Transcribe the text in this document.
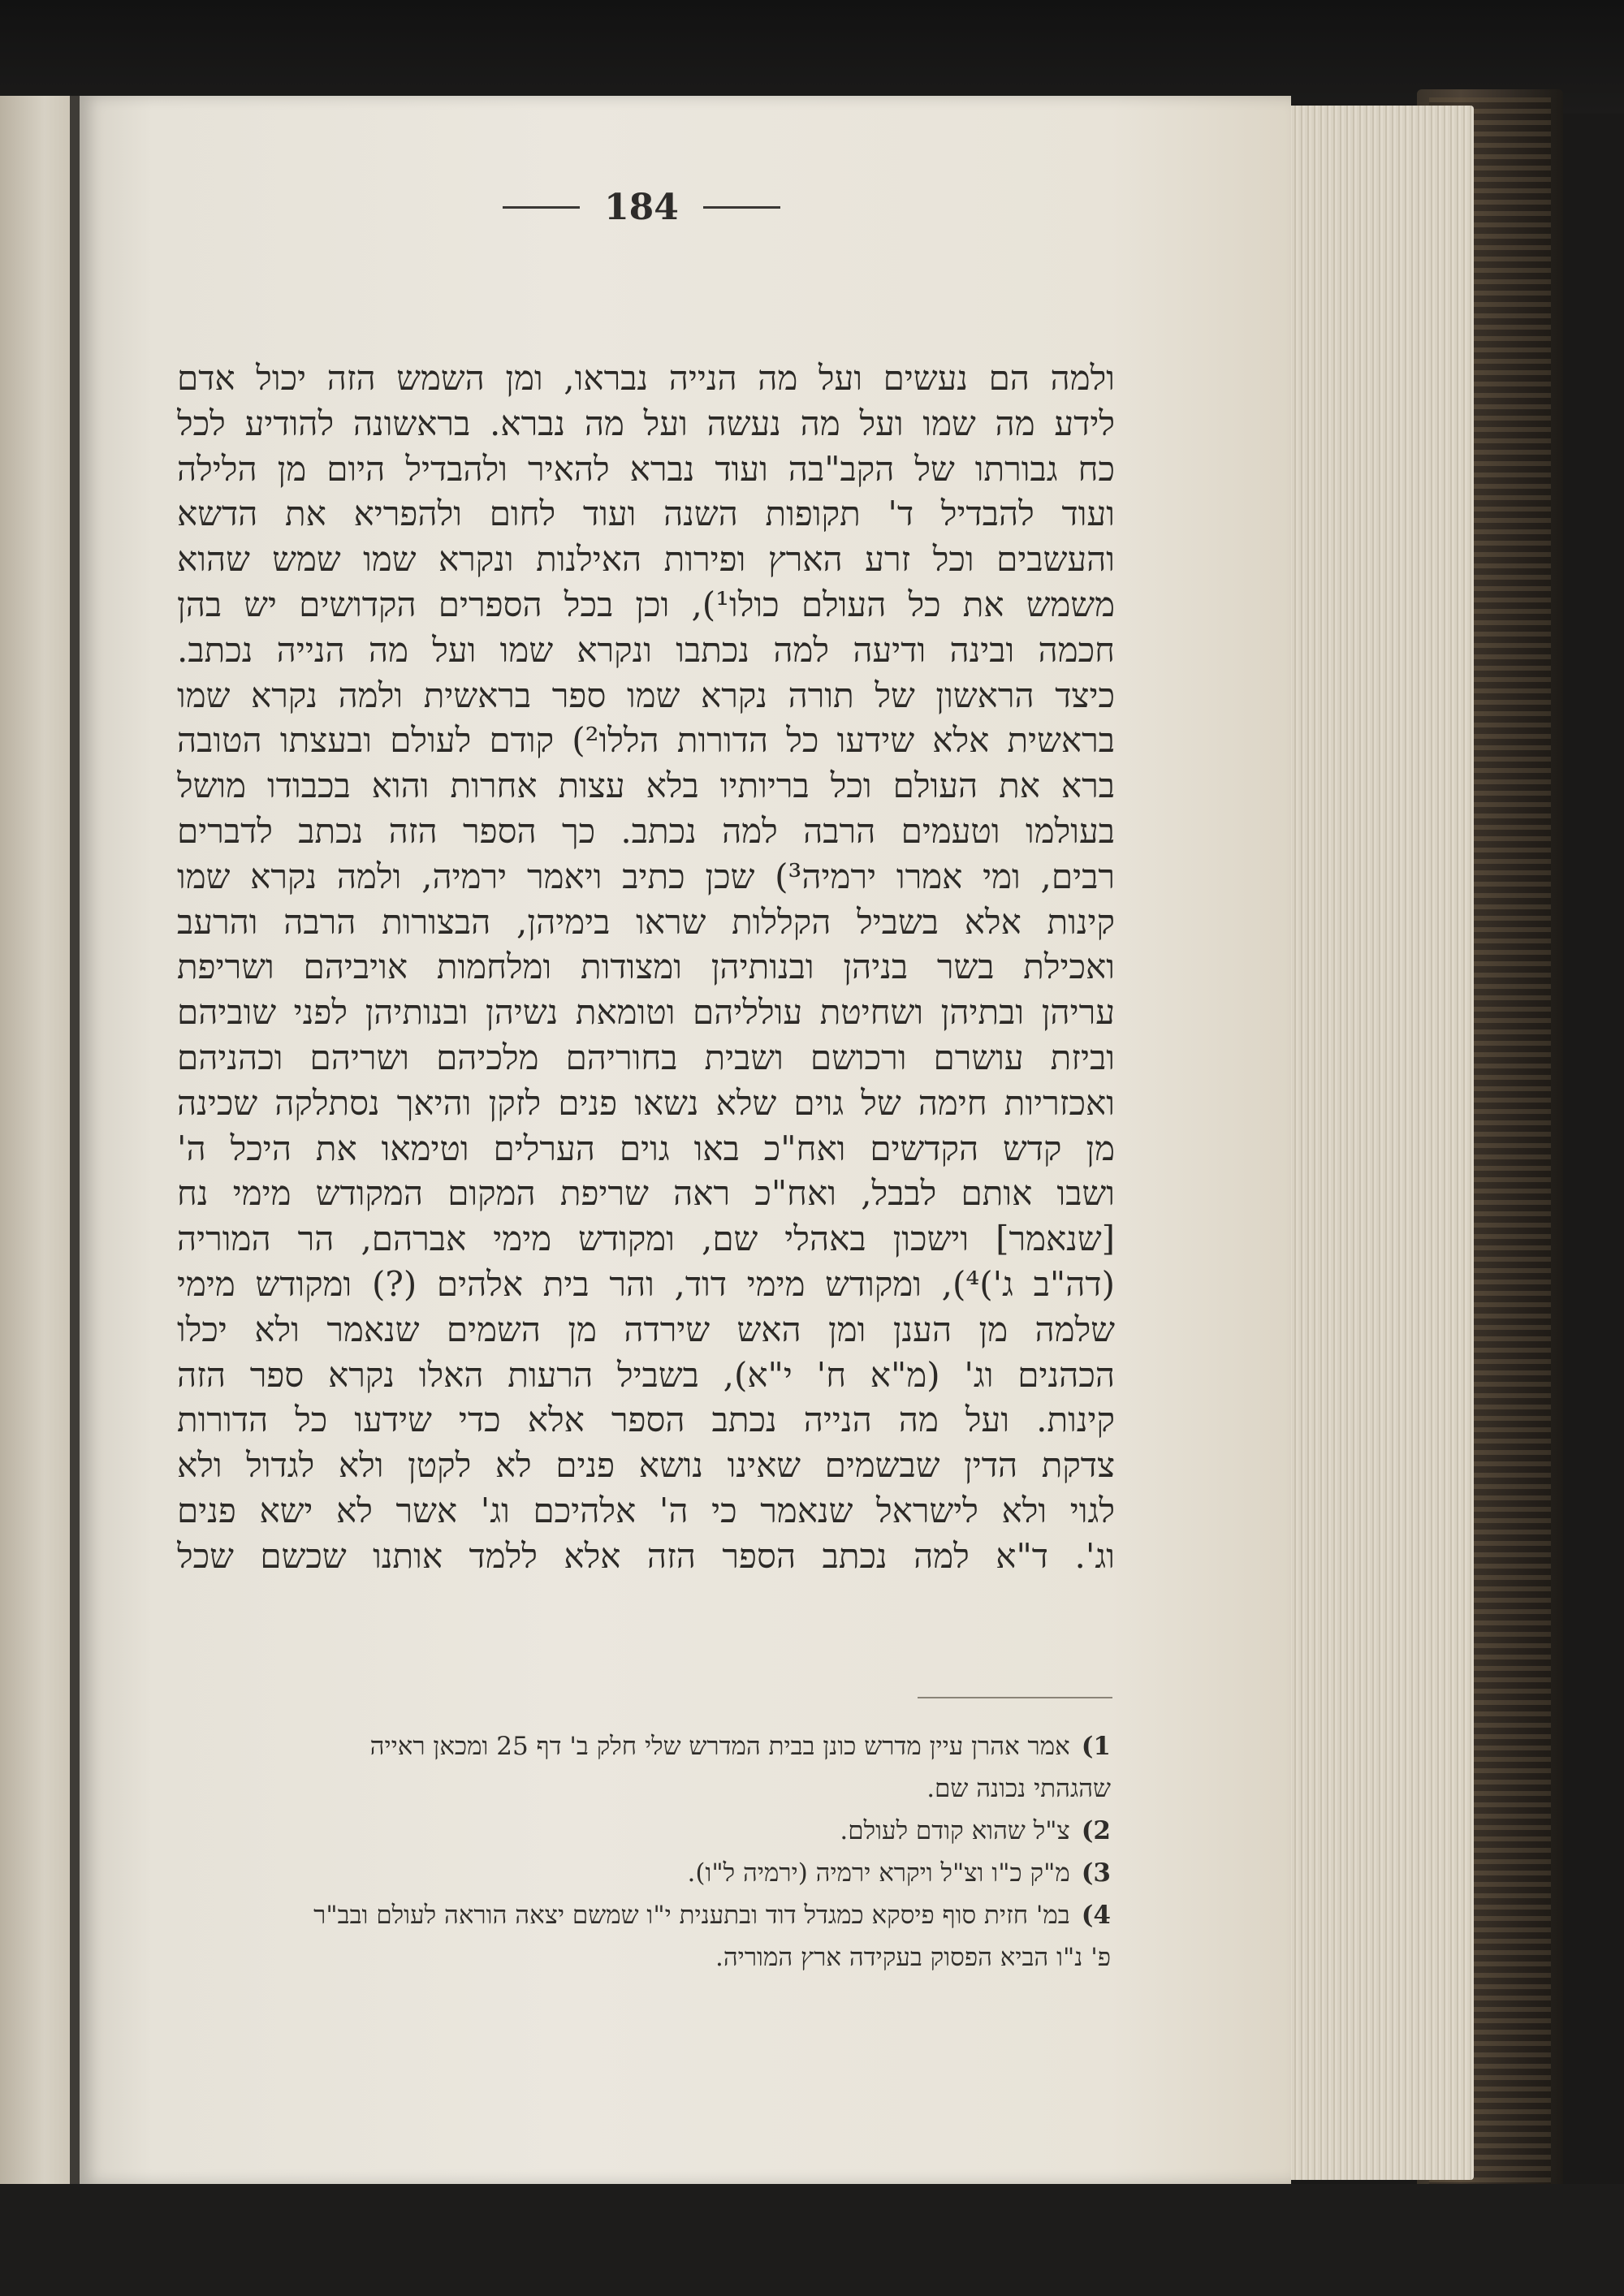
184
ולמה הם נעשים ועל מה הנייה נבראו, ומן השמש הזה יכול אדם
לידע מה שמו ועל מה נעשה ועל מה נברא. בראשונה להודיע לכל
כח גבורתו של הקב"בה ועוד נברא להאיר ולהבדיל היום מן הלילה
ועוד להבדיל ד' תקופות השנה ועוד לחום ולהפריא את הדשא
והעשבים וכל זרע הארץ ופירות האילנות ונקרא שמו שמש שהוא
משמש את כל העולם כולו¹), וכן בכל הספרים הקדושים יש בהן
חכמה ובינה ודיעה למה נכתבו ונקרא שמו ועל מה הנייה נכתב.
כיצד הראשון של תורה נקרא שמו ספר בראשית ולמה נקרא שמו
בראשית אלא שידעו כל הדורות הללו²) קודם לעולם ובעצתו הטובה
ברא את העולם וכל בריותיו בלא עצות אחרות והוא בכבודו מושל
בעולמו וטעמים הרבה למה נכתב. כך הספר הזה נכתב לדברים
רבים, ומי אמרו ירמיה³) שכן כתיב ויאמר ירמיה, ולמה נקרא שמו
קינות אלא בשביל הקללות שראו בימיהן, הבצורות הרבה והרעב
ואכילת בשר בניהן ובנותיהן ומצודות ומלחמות אויביהם ושריפת
עריהן ובתיהן ושחיטת עולליהם וטומאת נשיהן ובנותיהן לפני שוביהם
וביזת עושרם ורכושם ושבית בחוריהם מלכיהם ושריהם וכהניהם
ואכזריות חימה של גוים שלא נשאו פנים לזקן והיאך נסתלקה שכינה
מן קדש הקדשים ואח"כ באו גוים הערלים וטימאו את היכל ה'
ושבו אותם לבבל, ואח"כ ראה שריפת המקום המקודש מימי נח
[שנאמר] וישכון באהלי שם, ומקודש מימי אברהם, הר המוריה
(דה"ב ג')⁴), ומקודש מימי דוד, והר בית אלהים (?) ומקודש מימי
שלמה מן הענן ומן האש שירדה מן השמים שנאמר ולא יכלו
הכהנים וג' (מ"א ח' י"א), בשביל הרעות האלו נקרא ספר הזה
קינות. ועל מה הנייה נכתב הספר אלא כדי שידעו כל הדורות
צדקת הדין שבשמים שאינו נושא פנים לא לקטן ולא לגדול ולא
לגוי ולא לישראל שנאמר כי ה' אלהיכם וג' אשר לא ישא פנים
וג'. ד"א למה נכתב הספר הזה אלא ללמד אותנו שכשם שכל
1)אמר אהרן עיין מדרש כונן בבית המדרש שלי חלק ב' דף 25 ומכאן ראייה
שהגהתי נכונה שם.
2)צ"ל שהוא קודם לעולם.
3)מ"ק כ"ו וצ"ל ויקרא ירמיה (ירמיה ל"ו).
4)במ' חזית סוף פיסקא כמגדל דוד ובתענית י"ו שמשם יצאה הוראה לעולם ובב"ר
פ' נ"ו הביא הפסוק בעקידה ארץ המוריה.
